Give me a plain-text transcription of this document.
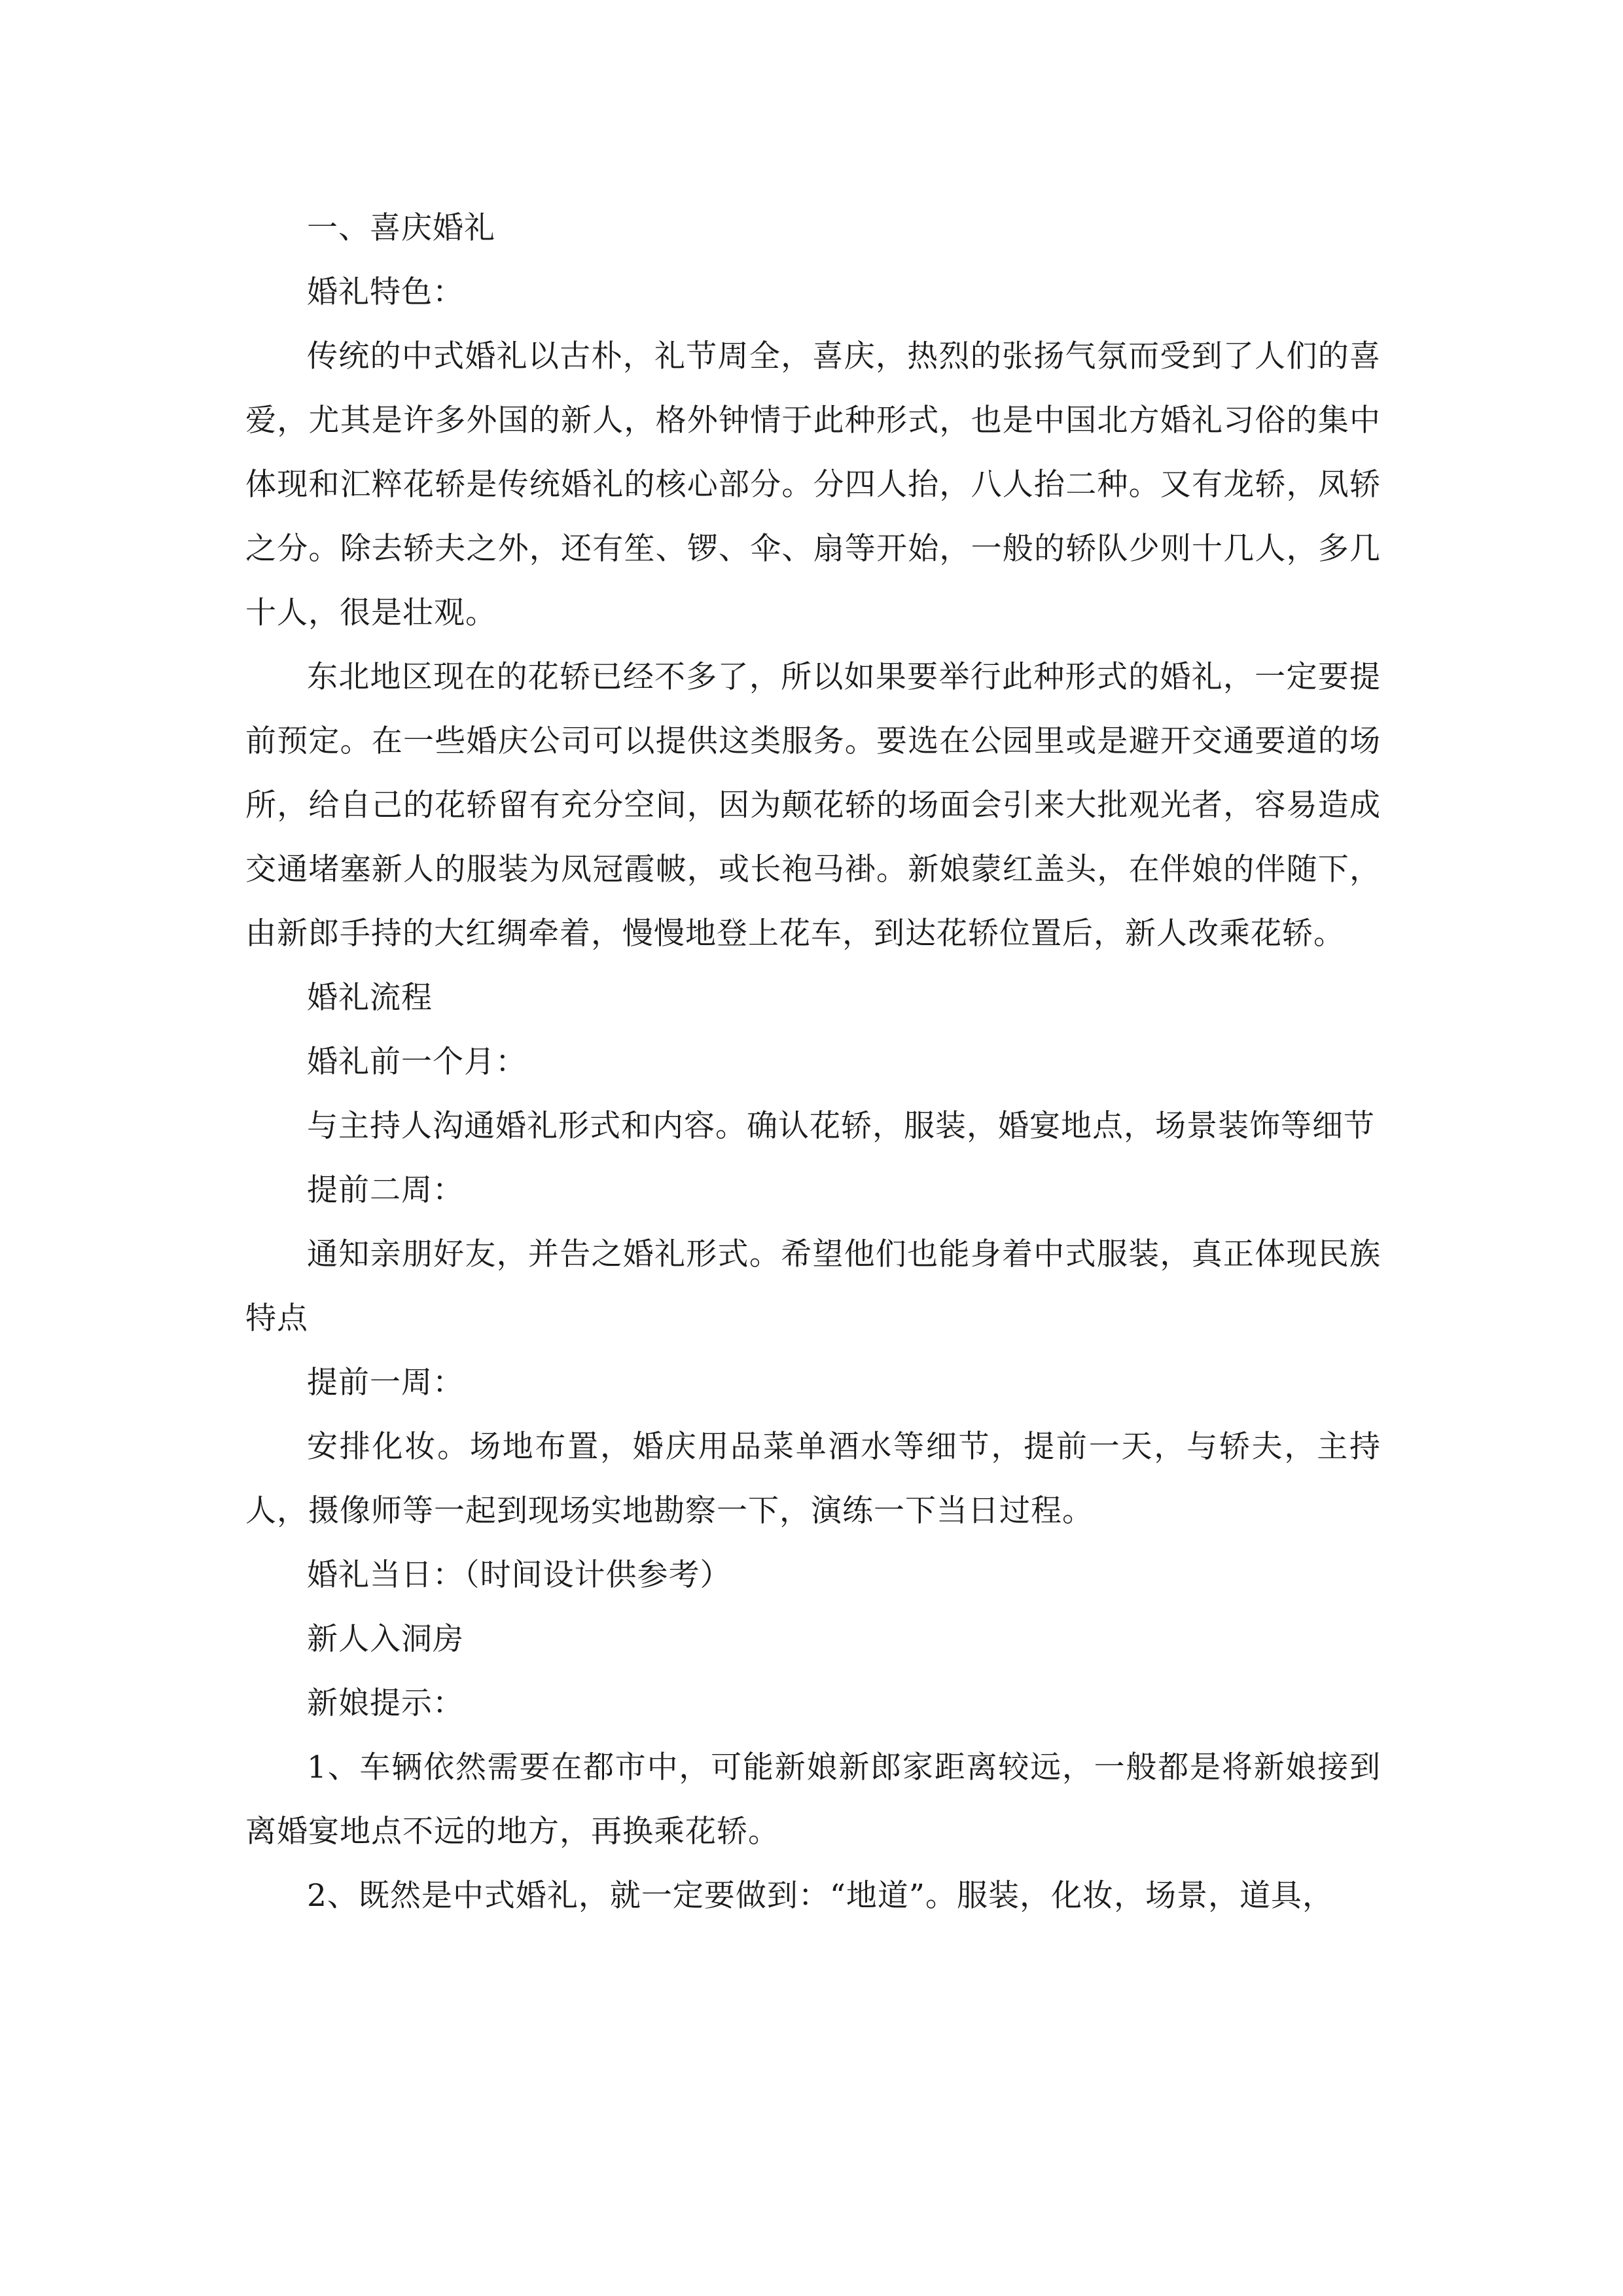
一、喜庆婚礼

婚礼特色：

传统的中式婚礼以古朴，礼节周全，喜庆，热烈的张扬气氛而受到了人们的喜爱，尤其是许多外国的新人，格外钟情于此种形式，也是中国北方婚礼习俗的集中体现和汇粹花轿是传统婚礼的核心部分。分四人抬，八人抬二种。又有龙轿，凤轿之分。除去轿夫之外，还有笙、锣、伞、扇等开始，一般的轿队少则十几人，多几十人，很是壮观。

东北地区现在的花轿已经不多了，所以如果要举行此种形式的婚礼，一定要提前预定。在一些婚庆公司可以提供这类服务。要选在公园里或是避开交通要道的场所，给自己的花轿留有充分空间，因为颠花轿的场面会引来大批观光者，容易造成交通堵塞新人的服装为凤冠霞帔，或长袍马褂。新娘蒙红盖头，在伴娘的伴随下，由新郎手持的大红绸牵着，慢慢地登上花车，到达花轿位置后，新人改乘花轿。

婚礼流程

婚礼前一个月：

与主持人沟通婚礼形式和内容。确认花轿，服装，婚宴地点，场景装饰等细节

提前二周：

通知亲朋好友，并告之婚礼形式。希望他们也能身着中式服装，真正体现民族特点

提前一周：

安排化妆。场地布置，婚庆用品菜单酒水等细节，提前一天，与轿夫，主持人，摄像师等一起到现场实地勘察一下，演练一下当日过程。

婚礼当日：（时间设计供参考）

新人入洞房

新娘提示：

1、车辆依然需要在都市中，可能新娘新郎家距离较远，一般都是将新娘接到离婚宴地点不远的地方，再换乘花轿。

2、既然是中式婚礼，就一定要做到：“地道”。服装，化妆，场景，道具，
